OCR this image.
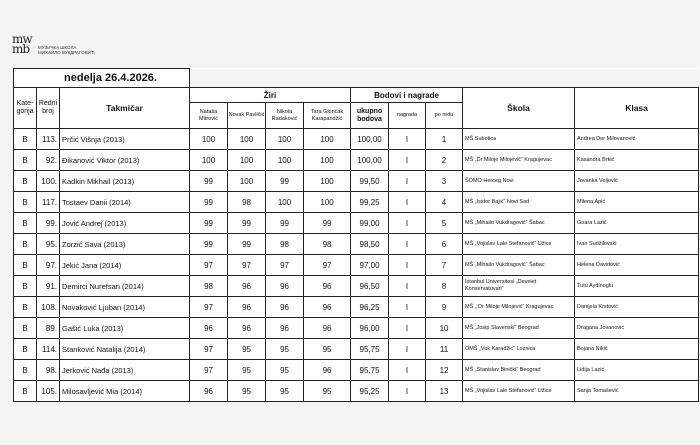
mw
mb	МУЗИЧКА ШКОЛА
МИХАЙЛО ВУКДРАГОВИЋ
nedelja 26.4.2026.											
Kate-gorija	Redni broj	Takmičar	Žiri				Bodovi i nagrade			Škola	Klasa
			Nataša Mitrović	Novak Pavličić	Nikola Radaković	Tara Glončak Karapandžić	ukupno bodova	nagrada	po redu		
B	113.	Prčić Višnja (2013)	100	100	100	100	100,00	I	1	MŠ Subotica	Andrea Der Milovanović
B	92.	Đikanović Viktor (2013)	100	100	100	100	100,00	I	2	MŠ „Dr Miloje Milojević“ Kragujevac	Kasandra Brkić
B	100.	Kadkin Mikhail (2013)	99	100	99	100	99,50	I	3	ŠOMO Herceg Novi	Jovanka Veljović
B	117.	Tostaev Danii (2014)	99	98	100	100	99,25	I	4	MŠ „Isidor Bajić“ Novi Sad	Milena Apić
B	99.	Jović Andrej (2013)	99	99	99	99	99,00	I	5	MŠ „Mihailo Vukdragović“ Šabac	Goara Lazić
B	95.	Zorzić Sava (2013)	99	99	98	98	98,50	I	6	MŠ „Vojislav Lale Stefanović“ Užice	Ivan Sudžilovski
B	97.	Jekić Jana (2014)	97	97	97	97	97,00	I	7	MŠ „Mihailo Vukdragović“ Šabac	Helena Davidović
B	91.	Demirci Nurefsan (2014)	98	96	96	96	96,50	I	8	Istanbul Universitesi „Develet Konservatuvari“	Tutu Aydinoglu
B	108.	Novaković Ljuban (2014)	97	96	96	96	96,25	I	9	MŠ „ Dr Miloje Milojević“ Kragujevac	Danijela Krstović
B	89.	Gašić Luka (2013)	96	96	96	96	96,00	I	10	MŠ „Josip Slavenski“ Beograd	Dragana Jovanović
B	114.	Stanković Natalija (2014)	97	95	95	95	95,75	I	11	OMŠ „Vuk Karadžić“ Loznica	Bojana Nikić
B	98.	Jerković Nađa (2013)	97	95	95	96	95,75	I	12	MŠ „Stanislav Binički“ Beograd	Lidija Lazić
B	105.	Milosavljević Mia (2014)	96	95	95	95	95,25	I	13	MŠ „Vojislav Lale Stefanović“ Užice	Sanja Tomašević
